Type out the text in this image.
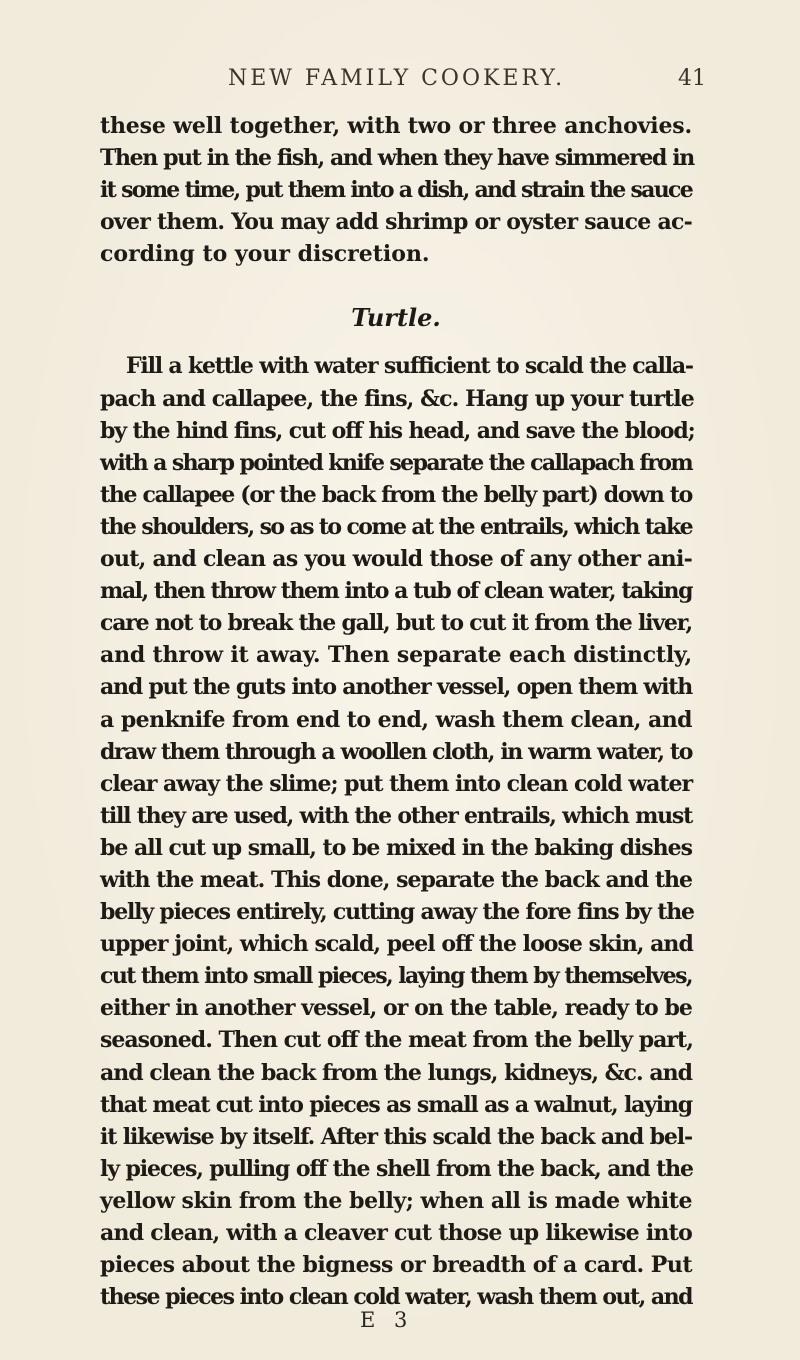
NEW FAMILY COOKERY.	41
these well together, with two or three anchovies.
Then put in the fish, and when they have simmered in
it some time, put them into a dish, and strain the sauce
over them. You may add shrimp or oyster sauce ac-
cording to your discretion.
Turtle.
Fill a kettle with water sufficient to scald the calla-
pach and callapee, the fins, &c. Hang up your turtle
by the hind fins, cut off his head, and save the blood;
with a sharp pointed knife separate the callapach from
the callapee (or the back from the belly part) down to
the shoulders, so as to come at the entrails, which take
out, and clean as you would those of any other ani-
mal, then throw them into a tub of clean water, taking
care not to break the gall, but to cut it from the liver,
and throw it away. Then separate each distinctly,
and put the guts into another vessel, open them with
a penknife from end to end, wash them clean, and
draw them through a woollen cloth, in warm water, to
clear away the slime; put them into clean cold water
till they are used, with the other entrails, which must
be all cut up small, to be mixed in the baking dishes
with the meat. This done, separate the back and the
belly pieces entirely, cutting away the fore fins by the
upper joint, which scald, peel off the loose skin, and
cut them into small pieces, laying them by themselves,
either in another vessel, or on the table, ready to be
seasoned. Then cut off the meat from the belly part,
and clean the back from the lungs, kidneys, &c. and
that meat cut into pieces as small as a walnut, laying
it likewise by itself. After this scald the back and bel-
ly pieces, pulling off the shell from the back, and the
yellow skin from the belly; when all is made white
and clean, with a cleaver cut those up likewise into
pieces about the bigness or breadth of a card. Put
these pieces into clean cold water, wash them out, and
E 3
